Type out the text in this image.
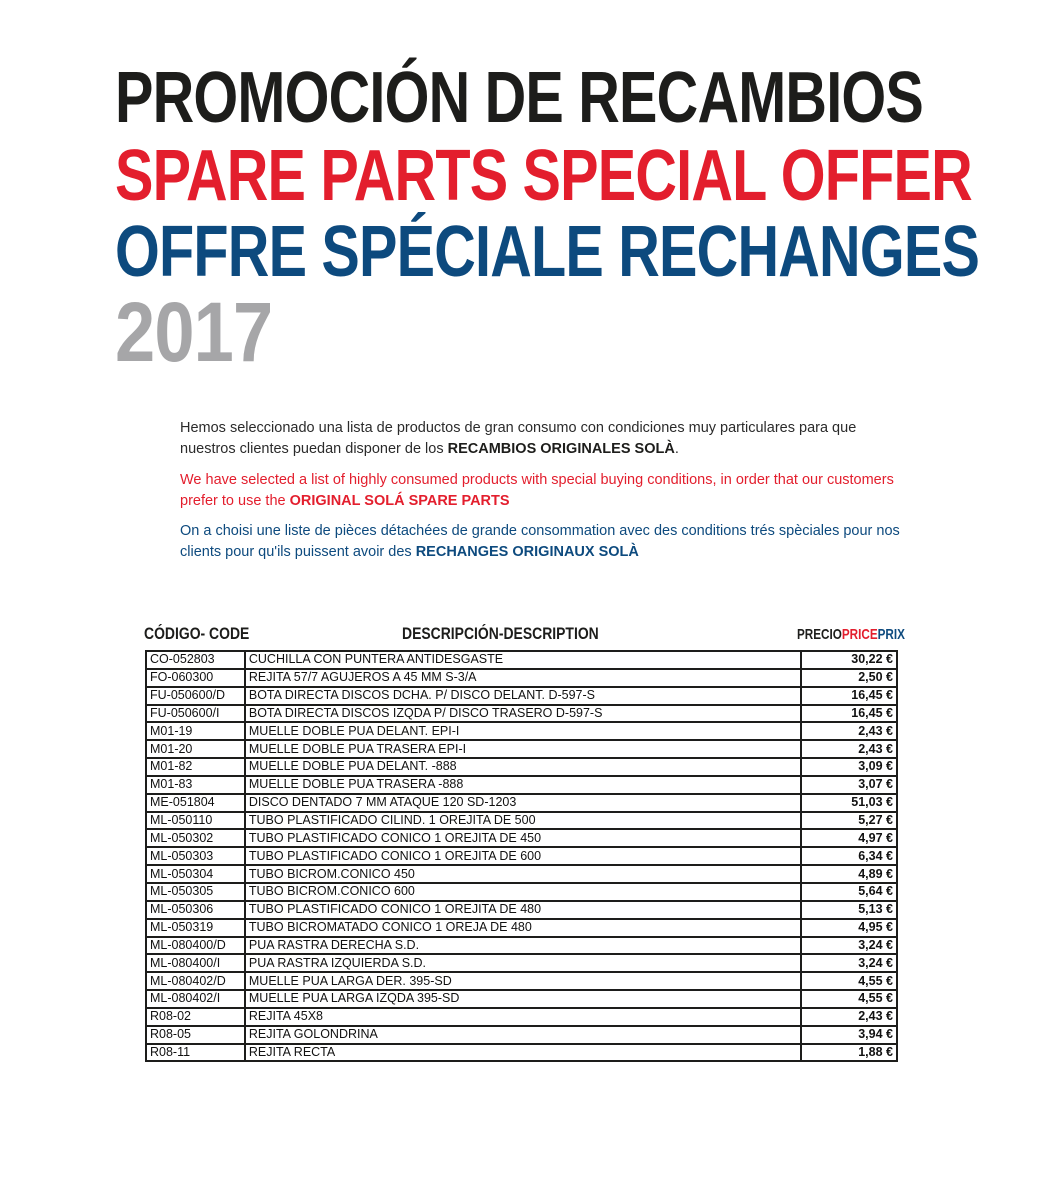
PROMOCIÓN DE RECAMBIOS
SPARE PARTS SPECIAL OFFER
OFFRE SPÉCIALE RECHANGES
2017

Hemos seleccionado una lista de productos de gran consumo con condiciones muy particulares para que nuestros clientes puedan disponer de los RECAMBIOS ORIGINALES SOLÀ.

We have selected a list of highly consumed products with special buying conditions, in order that our customers prefer to use the ORIGINAL SOLÁ SPARE PARTS

On a choisi une liste de pièces détachées de grande consommation avec des conditions trés spèciales pour nos clients pour qu'ils puissent avoir des RECHANGES ORIGINAUX SOLÀ

CÓDIGO- CODE	DESCRIPCIÓN-DESCRIPTION	PRECIOPRICEPRIX
CO-052803	CUCHILLA CON PUNTERA ANTIDESGASTE	30,22 €
FO-060300	REJITA 57/7 AGUJEROS A 45 MM S-3/A	2,50 €
FU-050600/D	BOTA DIRECTA DISCOS DCHA. P/ DISCO DELANT. D-597-S	16,45 €
FU-050600/I	BOTA DIRECTA DISCOS IZQDA P/ DISCO TRASERO D-597-S	16,45 €
M01-19	MUELLE DOBLE PUA DELANT. EPI-I	2,43 €
M01-20	MUELLE DOBLE PUA TRASERA EPI-I	2,43 €
M01-82	MUELLE DOBLE PUA DELANT. -888	3,09 €
M01-83	MUELLE DOBLE PUA TRASERA -888	3,07 €
ME-051804	DISCO DENTADO 7 MM ATAQUE 120 SD-1203	51,03 €
ML-050110	TUBO PLASTIFICADO CILIND. 1 OREJITA DE 500	5,27 €
ML-050302	TUBO PLASTIFICADO CONICO 1 OREJITA DE 450	4,97 €
ML-050303	TUBO PLASTIFICADO CONICO 1 OREJITA DE 600	6,34 €
ML-050304	TUBO BICROM.CONICO 450	4,89 €
ML-050305	TUBO BICROM.CONICO 600	5,64 €
ML-050306	TUBO PLASTIFICADO CONICO 1 OREJITA DE 480	5,13 €
ML-050319	TUBO BICROMATADO CONICO 1 OREJA DE 480	4,95 €
ML-080400/D	PUA RASTRA DERECHA S.D.	3,24 €
ML-080400/I	PUA RASTRA IZQUIERDA S.D.	3,24 €
ML-080402/D	MUELLE PUA LARGA DER. 395-SD	4,55 €
ML-080402/I	MUELLE PUA LARGA IZQDA 395-SD	4,55 €
R08-02	REJITA 45X8	2,43 €
R08-05	REJITA GOLONDRINA	3,94 €
R08-11	REJITA RECTA	1,88 €
